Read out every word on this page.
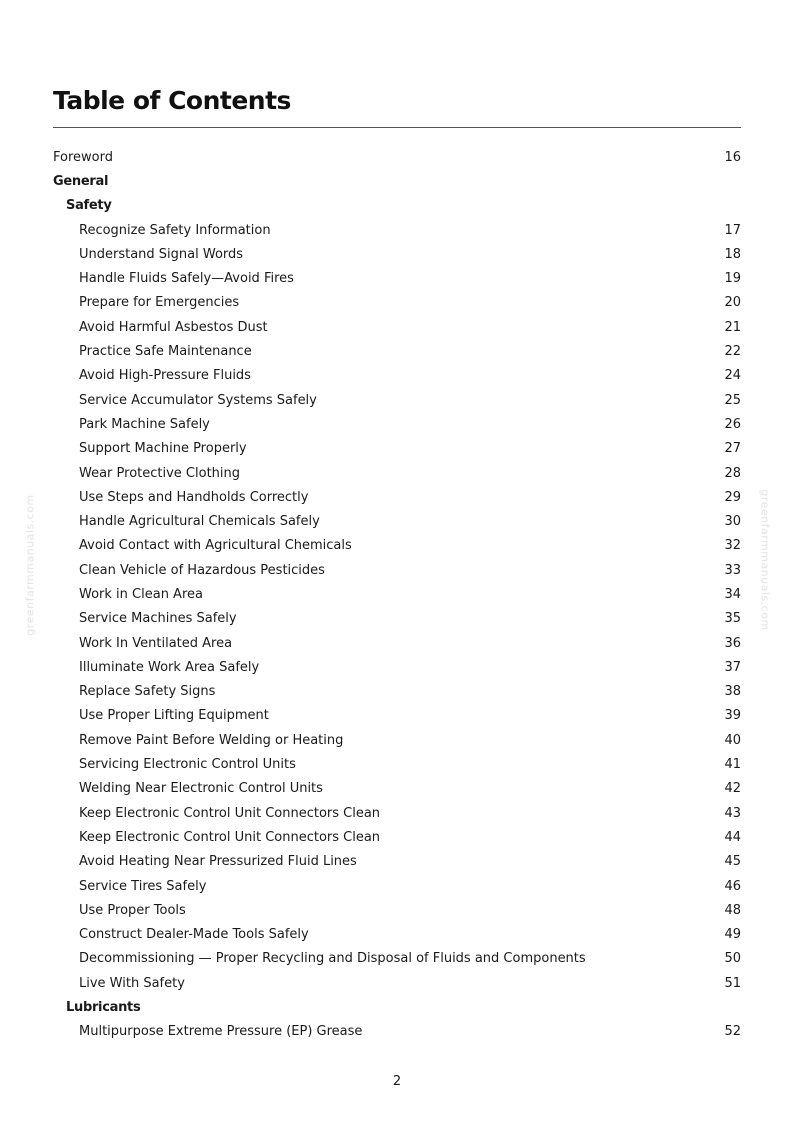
greenfarmmanuals.com	greenfarmmanuals.com
Table of Contents
Foreword	16
General
Safety
Recognize Safety Information	17
Understand Signal Words	18
Handle Fluids Safely—Avoid Fires	19
Prepare for Emergencies	20
Avoid Harmful Asbestos Dust	21
Practice Safe Maintenance	22
Avoid High-Pressure Fluids	24
Service Accumulator Systems Safely	25
Park Machine Safely	26
Support Machine Properly	27
Wear Protective Clothing	28
Use Steps and Handholds Correctly	29
Handle Agricultural Chemicals Safely	30
Avoid Contact with Agricultural Chemicals	32
Clean Vehicle of Hazardous Pesticides	33
Work in Clean Area	34
Service Machines Safely	35
Work In Ventilated Area	36
Illuminate Work Area Safely	37
Replace Safety Signs	38
Use Proper Lifting Equipment	39
Remove Paint Before Welding or Heating	40
Servicing Electronic Control Units	41
Welding Near Electronic Control Units	42
Keep Electronic Control Unit Connectors Clean	43
Keep Electronic Control Unit Connectors Clean	44
Avoid Heating Near Pressurized Fluid Lines	45
Service Tires Safely	46
Use Proper Tools	48
Construct Dealer-Made Tools Safely	49
Decommissioning — Proper Recycling and Disposal of Fluids and Components	50
Live With Safety	51
Lubricants
Multipurpose Extreme Pressure (EP) Grease	52
2
